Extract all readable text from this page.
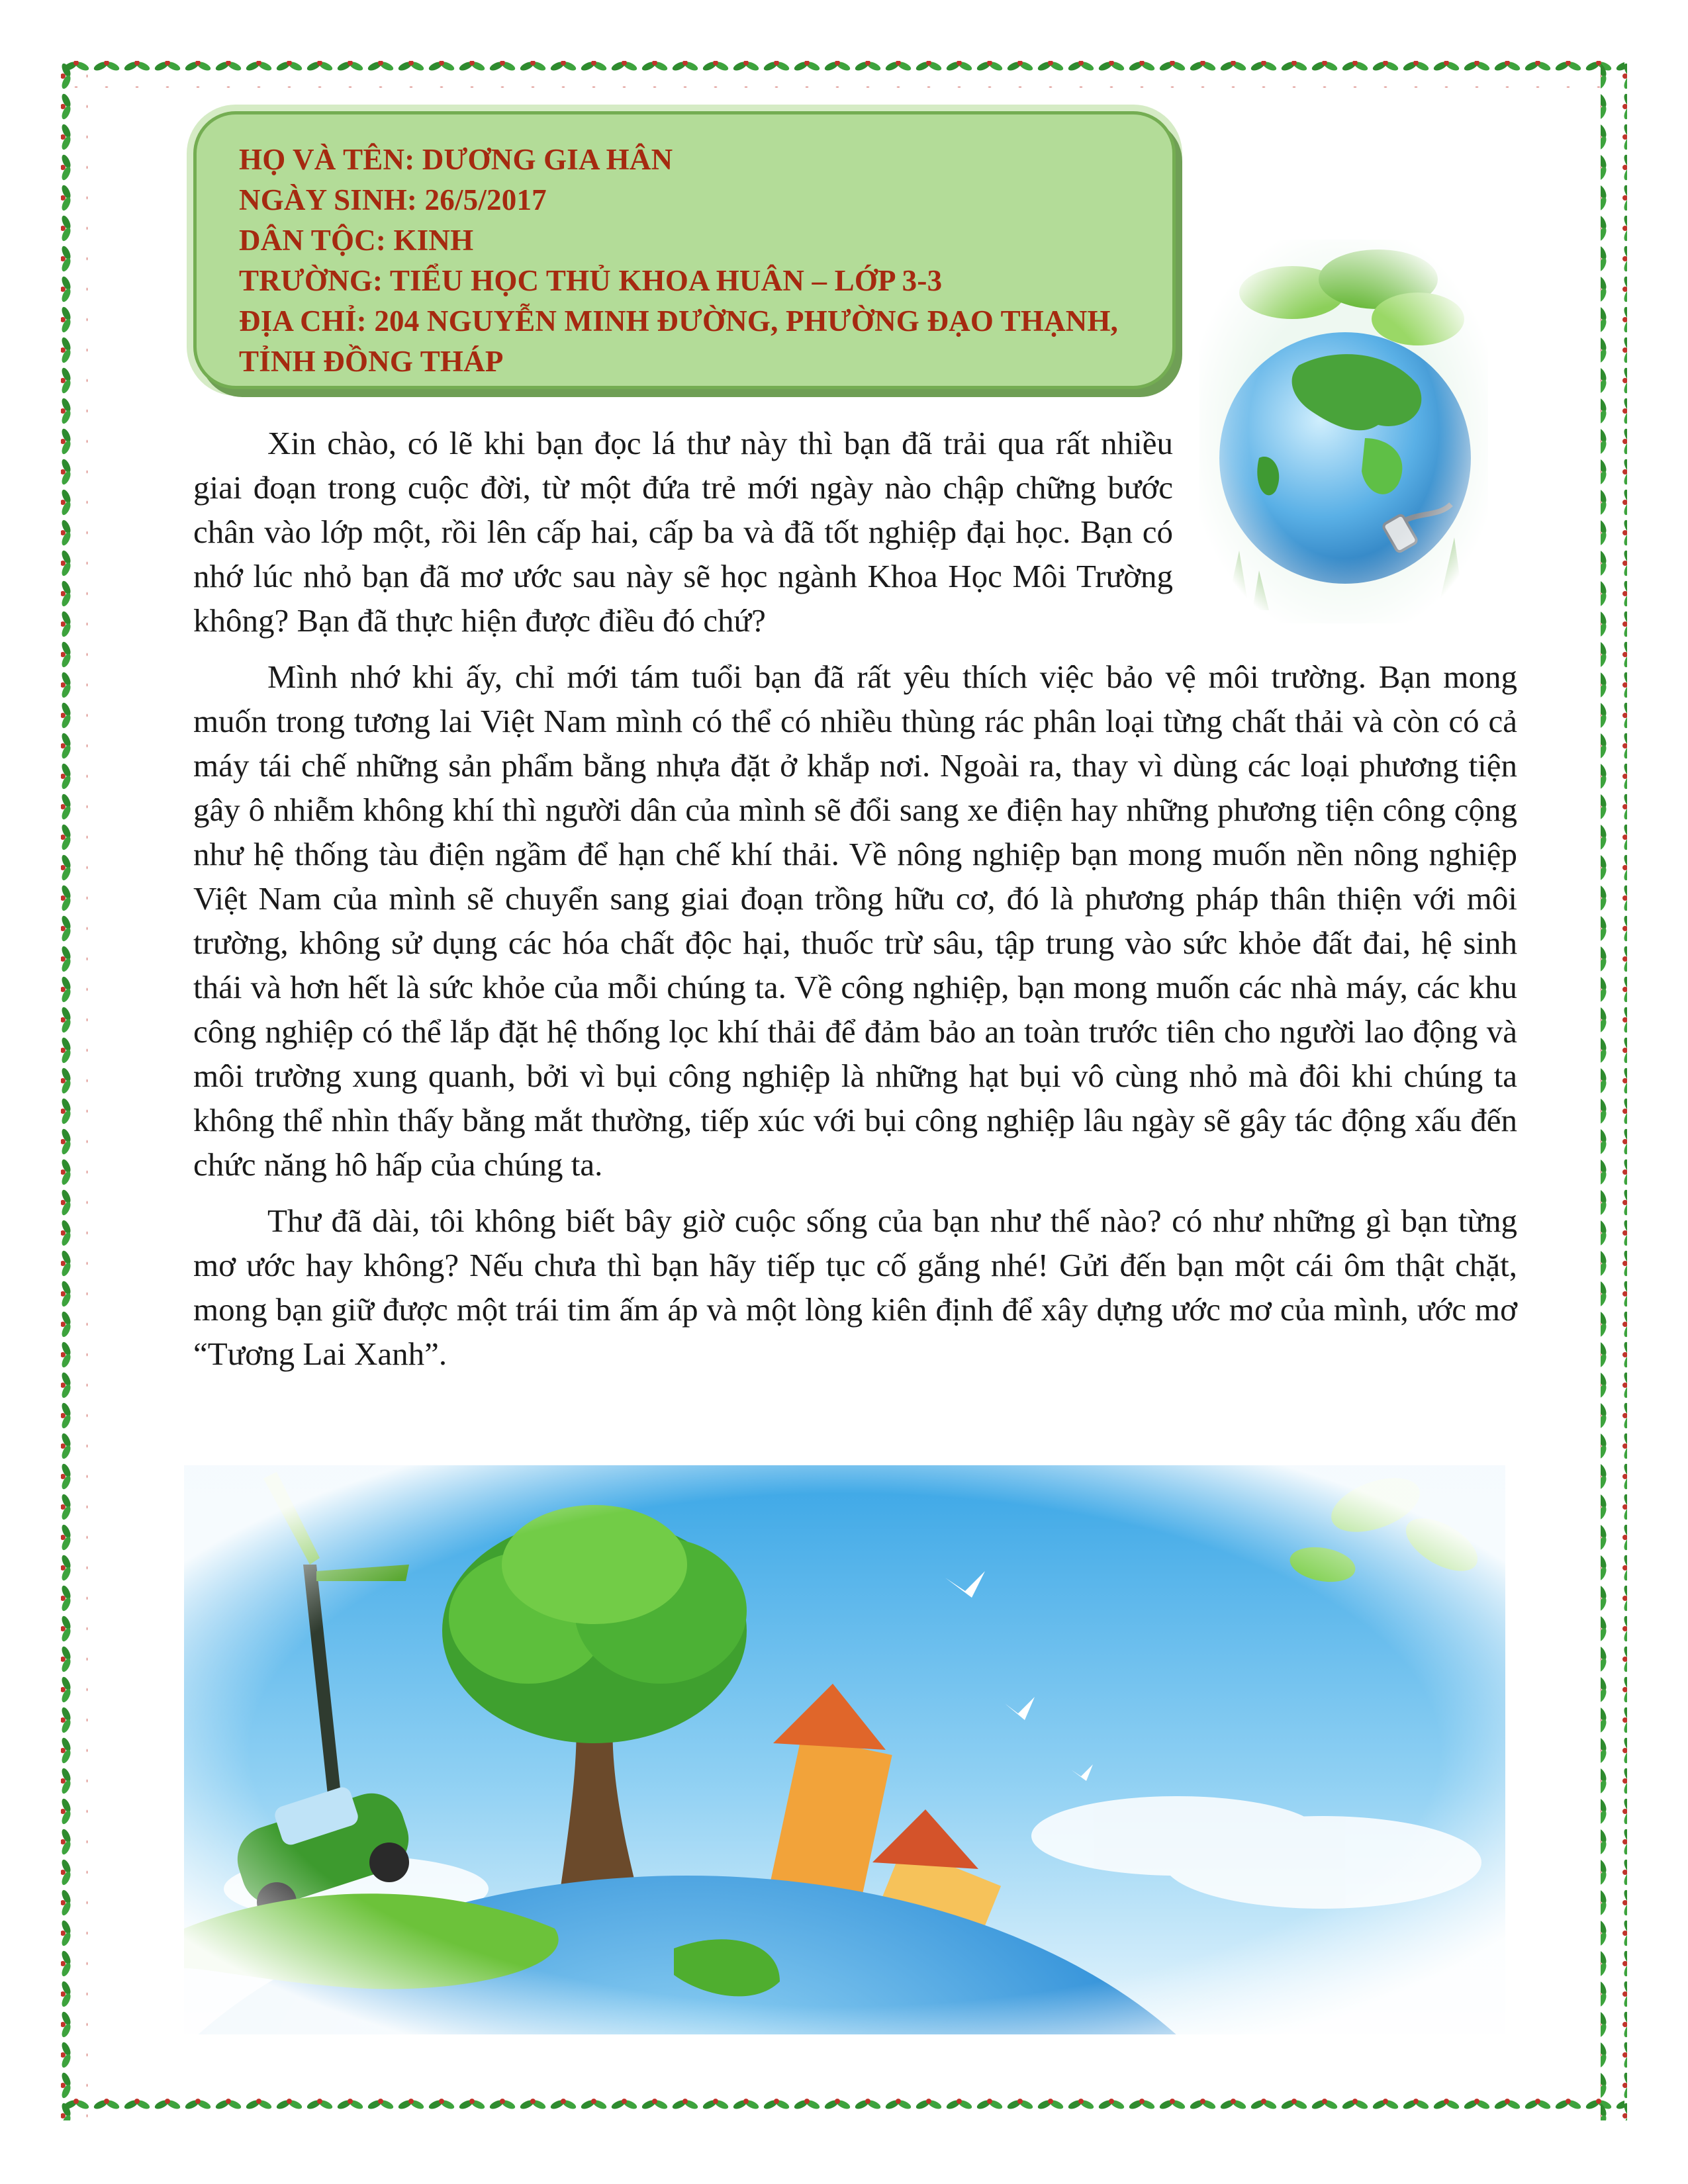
HỌ VÀ TÊN: DƯƠNG GIA HÂN
NGÀY SINH: 26/5/2017
DÂN TỘC: KINH
TRƯỜNG: TIỂU HỌC THỦ KHOA HUÂN – LỚP 3-3
ĐỊA CHỈ: 204 NGUYỄN MINH ĐƯỜNG, PHƯỜNG ĐẠO THẠNH,
TỈNH ĐỒNG THÁP

Xin chào, có lẽ khi bạn đọc lá thư này thì bạn đã trải qua rất nhiều giai đoạn trong cuộc đời, từ một đứa trẻ mới ngày nào chập chững bước chân vào lớp một, rồi lên cấp hai, cấp ba và đã tốt nghiệp đại học. Bạn có nhớ lúc nhỏ bạn đã mơ ước sau này sẽ học ngành Khoa Học Môi Trường không? Bạn đã thực hiện được điều đó chứ?

Mình nhớ khi ấy, chỉ mới tám tuổi bạn đã rất yêu thích việc bảo vệ môi trường. Bạn mong muốn trong tương lai Việt Nam mình có thể có nhiều thùng rác phân loại từng chất thải và còn có cả máy tái chế những sản phẩm bằng nhựa đặt ở khắp nơi. Ngoài ra, thay vì dùng các loại phương tiện gây ô nhiễm không khí thì người dân của mình sẽ đổi sang xe điện hay những phương tiện công cộng như hệ thống tàu điện ngầm để hạn chế khí thải. Về nông nghiệp bạn mong muốn nền nông nghiệp Việt Nam của mình sẽ chuyển sang giai đoạn trồng hữu cơ, đó là phương pháp thân thiện với môi trường, không sử dụng các hóa chất độc hại, thuốc trừ sâu, tập trung vào sức khỏe đất đai, hệ sinh thái và hơn hết là sức khỏe của mỗi chúng ta. Về công nghiệp, bạn mong muốn các nhà máy, các khu công nghiệp có thể lắp đặt hệ thống lọc khí thải để đảm bảo an toàn trước tiên cho người lao động và môi trường xung quanh, bởi vì bụi công nghiệp là những hạt bụi vô cùng nhỏ mà đôi khi chúng ta không thể nhìn thấy bằng mắt thường, tiếp xúc với bụi công nghiệp lâu ngày sẽ gây tác động xấu đến chức năng hô hấp của chúng ta.

Thư đã dài, tôi không biết bây giờ cuộc sống của bạn như thế nào? có như những gì bạn từng mơ ước hay không? Nếu chưa thì bạn hãy tiếp tục cố gắng nhé! Gửi đến bạn một cái ôm thật chặt, mong bạn giữ được một trái tim ấm áp và một lòng kiên định để xây dựng ước mơ của mình, ước mơ “Tương Lai Xanh”.
